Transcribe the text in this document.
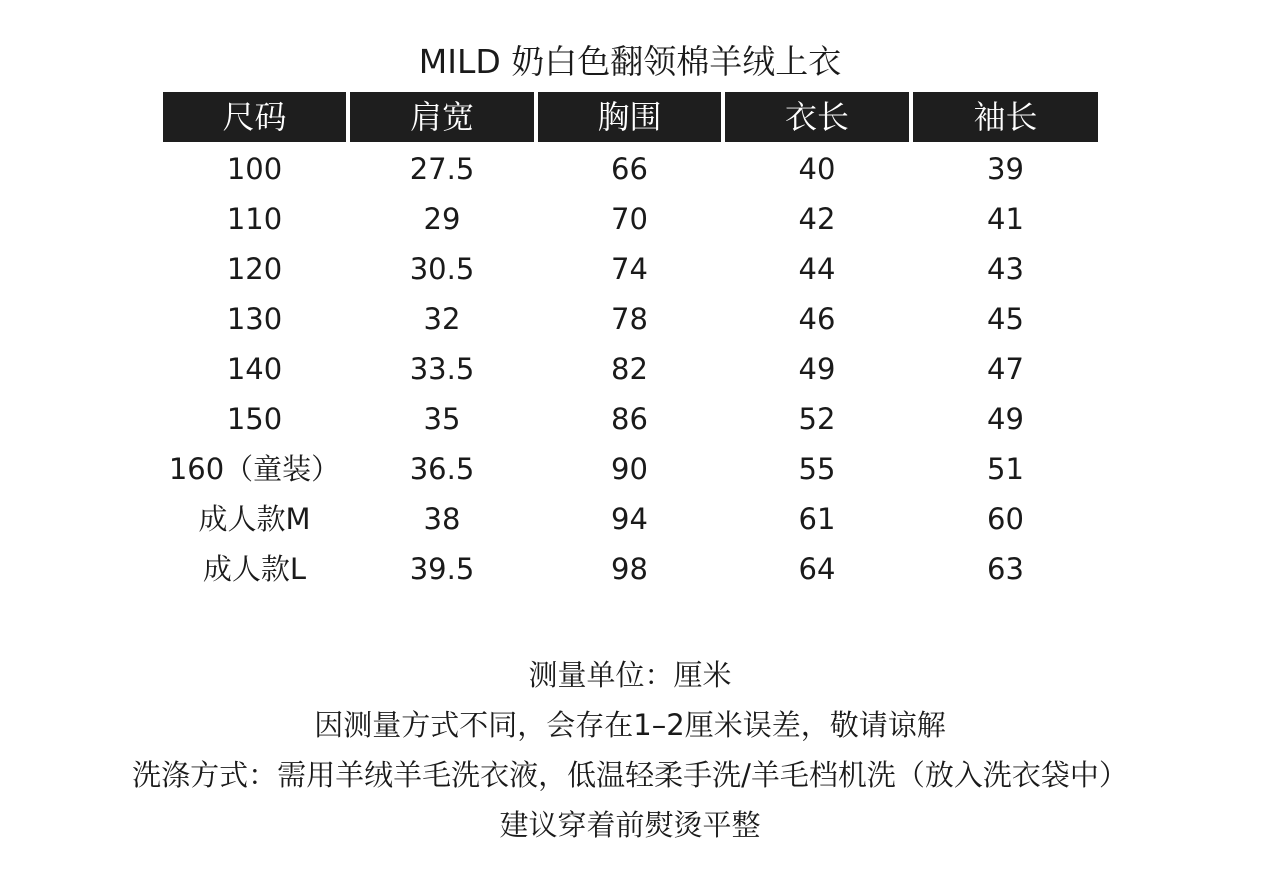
MILD 奶白色翻领棉羊绒上衣
尺码	肩宽	胸围	衣长	袖长
100	27.5	66	40	39
110	29	70	42	41
120	30.5	74	44	43
130	32	78	46	45
140	33.5	82	49	47
150	35	86	52	49
160（童装）	36.5	90	55	51
成人款M	38	94	61	60
成人款L	39.5	98	64	63
测量单位：厘米
因测量方式不同，会存在1–2厘米误差，敬请谅解
洗涤方式：需用羊绒羊毛洗衣液，低温轻柔手洗/羊毛档机洗（放入洗衣袋中）
建议穿着前熨烫平整
